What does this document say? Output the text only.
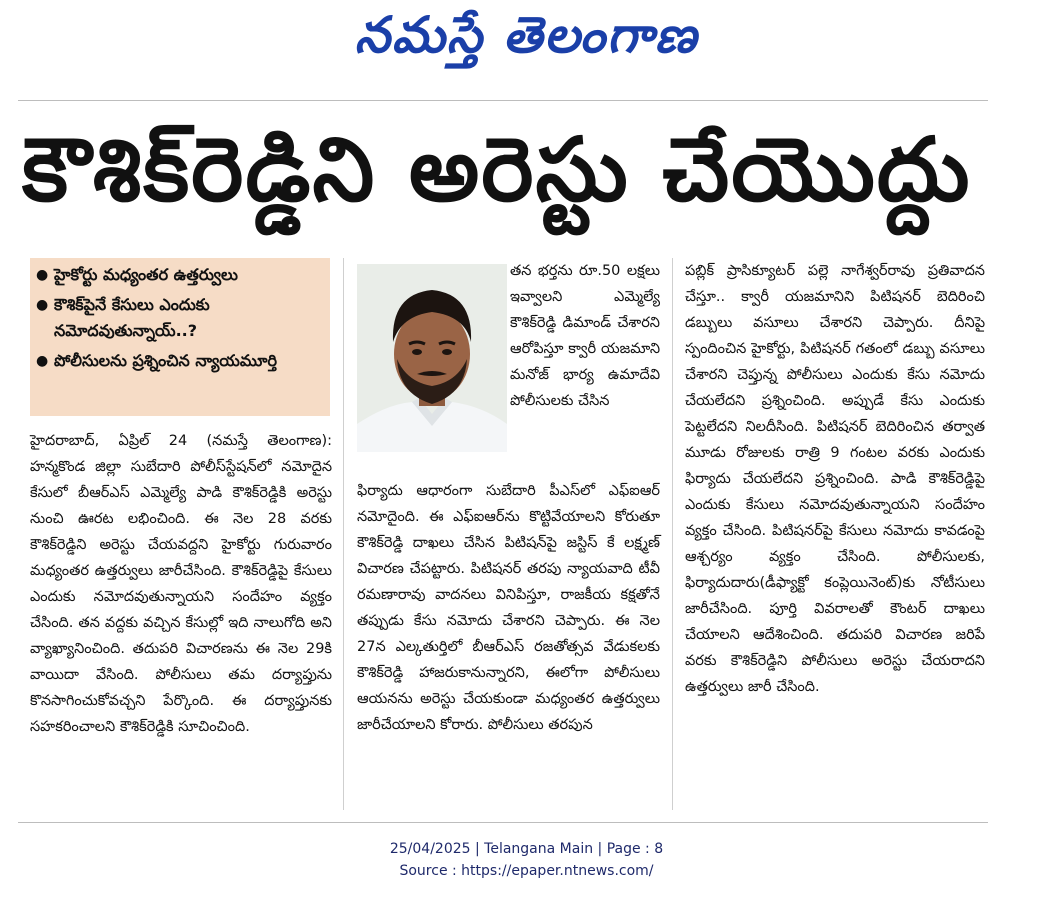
నమస్తే తెలంగాణ
కౌశిక్‌రెడ్డిని అరెస్టు చేయొద్దు
● హైకోర్టు మధ్యంతర ఉత్తర్వులు
● కౌశిక్‌పైనే కేసులు ఎందుకు నమోదవుతున్నాయ్..?
● పోలీసులను ప్రశ్నించిన న్యాయమూర్తి

హైదరాబాద్, ఏప్రిల్ 24 (నమస్తే తెలంగాణ): హన్మకొండ జిల్లా సుబేదారి పోలీస్‌స్టేషన్‌లో నమోదైన కేసులో బీఆర్‌ఎస్ ఎమ్మెల్యే పాడి కౌశిక్‌రెడ్డికి అరెస్టు నుంచి ఊరట లభించింది. ఈ నెల 28 వరకు కౌశిక్‌రెడ్డిని అరెస్టు చేయవద్దని హైకోర్టు గురువారం మధ్యంతర ఉత్తర్వులు జారీచేసింది. కౌశిక్‌రెడ్డిపై కేసులు ఎందుకు నమోదవుతున్నాయని సందేహం వ్యక్తం చేసింది. తన వద్దకు వచ్చిన కేసుల్లో ఇది నాలుగోది అని వ్యాఖ్యానించింది. తదుపరి విచారణను ఈ నెల 29కి వాయిదా వేసింది. పోలీసులు తమ దర్యాప్తును కొనసాగించుకోవచ్చని పేర్కొంది. ఈ దర్యాప్తునకు సహకరించాలని కౌశిక్‌రెడ్డికి సూచించింది.

తన భర్తను రూ.50 లక్షలు ఇవ్వాలని ఎమ్మెల్యే కౌశిక్‌రెడ్డి డిమాండ్ చేశారని ఆరోపిస్తూ క్వారీ యజమాని మనోజ్ భార్య ఉమాదేవి పోలీసులకు చేసిన

ఫిర్యాదు ఆధారంగా సుబేదారి పీఎస్‌లో ఎఫ్‌ఐఆర్ నమోదైంది. ఈ ఎఫ్‌ఐఆర్‌ను కొట్టివేయాలని కోరుతూ కౌశిక్‌రెడ్డి దాఖలు చేసిన పిటిషన్‌పై జస్టిస్ కే లక్ష్మణ్ విచారణ చేపట్టారు. పిటిషనర్ తరపు న్యాయవాది టీవీ రమణారావు వాదనలు వినిపిస్తూ, రాజకీయ కక్షతోనే తప్పుడు కేసు నమోదు చేశారని చెప్పారు. ఈ నెల 27న ఎల్కతుర్తిలో బీఆర్‌ఎస్ రజతోత్సవ వేడుకలకు కౌశిక్‌రెడ్డి హాజరుకానున్నారని, ఈలోగా పోలీసులు ఆయనను అరెస్టు చేయకుండా మధ్యంతర ఉత్తర్వులు జారీచేయాలని కోరారు. పోలీసులు తరపున

పబ్లిక్ ప్రాసిక్యూటర్ పల్లె నాగేశ్వర్‌రావు ప్రతివాదన చేస్తూ.. క్వారీ యజమానిని పిటిషనర్ బెదిరించి డబ్బులు వసూలు చేశారని చెప్పారు. దీనిపై స్పందించిన హైకోర్టు, పిటిషనర్ గతంలో డబ్బు వసూలు చేశారని చెప్తున్న పోలీసులు ఎందుకు కేసు నమోదు చేయలేదని ప్రశ్నించింది. అప్పుడే కేసు ఎందుకు పెట్టలేదని నిలదీసింది. పిటిషనర్ బెదిరించిన తర్వాత మూడు రోజులకు రాత్రి 9 గంటల వరకు ఎందుకు ఫిర్యాదు చేయలేదని ప్రశ్నించింది. పాడి కౌశిక్‌రెడ్డిపై ఎందుకు కేసులు నమోదవుతున్నాయని సందేహం వ్యక్తం చేసింది. పిటిషనర్‌పై కేసులు నమోదు కావడంపై ఆశ్చర్యం వ్యక్తం చేసింది. పోలీసులకు, ఫిర్యాదుదారు(డీఫ్యాక్టో కంప్లెయినెంట్)కు నోటీసులు జారీచేసింది. పూర్తి వివరాలతో కౌంటర్ దాఖలు చేయాలని ఆదేశించింది. తదుపరి విచారణ జరిపే వరకు కౌశిక్‌రెడ్డిని పోలీసులు అరెస్టు చేయరాదని ఉత్తర్వులు జారీ చేసింది.

25/04/2025 | Telangana Main | Page : 8
Source : https://epaper.ntnews.com/
